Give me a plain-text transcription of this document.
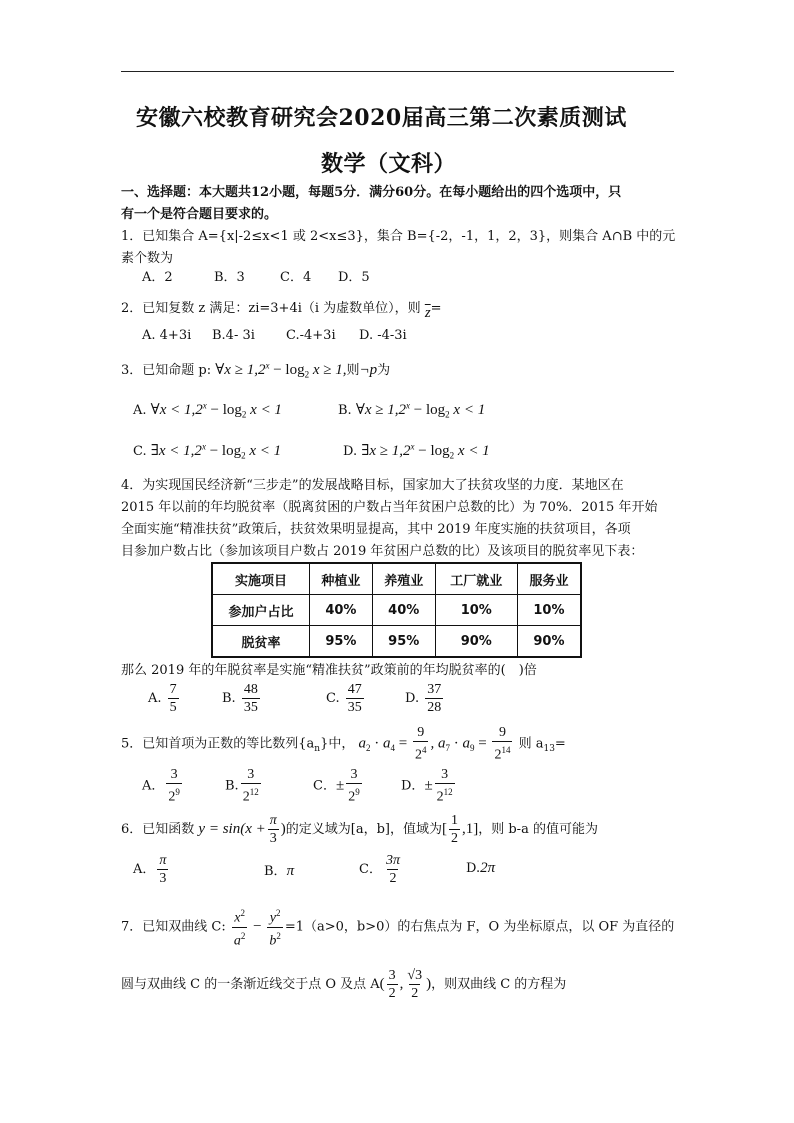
安徽六校教育研究会2020届高三第二次素质测试
数学（文科）
一、选择题：本大题共12小题，每题5分．满分60分。在每小题给出的四个选项中，只
有一个是符合题目要求的。
1．已知集合 A={x|-2≤x<1 或 2<x≤3}，集合 B={-2，-1，1，2，3}，则集合 A∩B 中的元
素个数为
A．2	B．3	C．4 D．5
2．已知复数 z 满足：zi=3+4i（i 为虚数单位），则 $\overline{z}=$
A. 4+3i B.4- 3i C.-4+3i D. -4-3i
3．已知命题 p: ∀x ≥ $1,2^x - \log_2 x \ge 1$,则¬p为
A. ∀x < $1,2^x - \log_2 x < 1$	B. ∀x ≥ $1,2^x - \log_2 x < 1$
C. ∃x < $1,2^x - \log_2 x < 1$	D. ∃x ≥ $1,2^x - \log_2 x < 1$
4．为实现国民经济新“三步走”的发展战略目标，国家加大了扶贫攻坚的力度．某地区在
2015 年以前的年均脱贫率（脱离贫困的户数占当年贫困户总数的比）为 70%．2015 年开始
全面实施“精准扶贫”政策后，扶贫效果明显提高，其中 2019 年度实施的扶贫项目，各项
目参加户数占比（参加该项目户数占 2019 年贫困户总数的比）及该项目的脱贫率见下表：
实施项目	种植业	养殖业	工厂就业	服务业
参加户占比	40%	40%	10%	10%
脱贫率	95%	95%	90%	90%
那么 2019 年的年脱贫率是实施“精准扶贫”政策前的年均脱贫率的(　)倍
A. $\frac{7}{5}$	B. $\frac{48}{35}$	C. $\frac{47}{35}$	D. $\frac{37}{28}$
5．已知首项为正数的等比数列$\{a_n\}$中， $a_2 \cdot a_4 = \frac{9}{2^4}$ , $a_7 \cdot a_9 = \frac{9}{2^{14}}$ 则 $a_{13}=$
A． $\frac{3}{2^9}$	B. $\frac{3}{2^{12}}$	C．± $\frac{3}{2^9}$	D．± $\frac{3}{2^{12}}$
6．已知函数 $y = \sin(x + \frac{\pi}{3}$ )的定义域为[a，b]，值域为[ $\frac{1}{2} ,1$]，则 b-a 的值可能为
A． $\frac{\pi}{3}$	B．π	C． $\frac{3\pi}{2}$	D.2π
7．已知双曲线 C: $\frac{x^2}{a^2} - \frac{y^2}{b^2} =1(a>0$，b>0）的右焦点为 F，O 为坐标原点，以 OF 为直径的
圆与双曲线 C 的一条渐近线交于点 O 及点 $A( \frac{3}{2}$ , $\frac{√3}{2}$ )，则双曲线 C 的方程为
